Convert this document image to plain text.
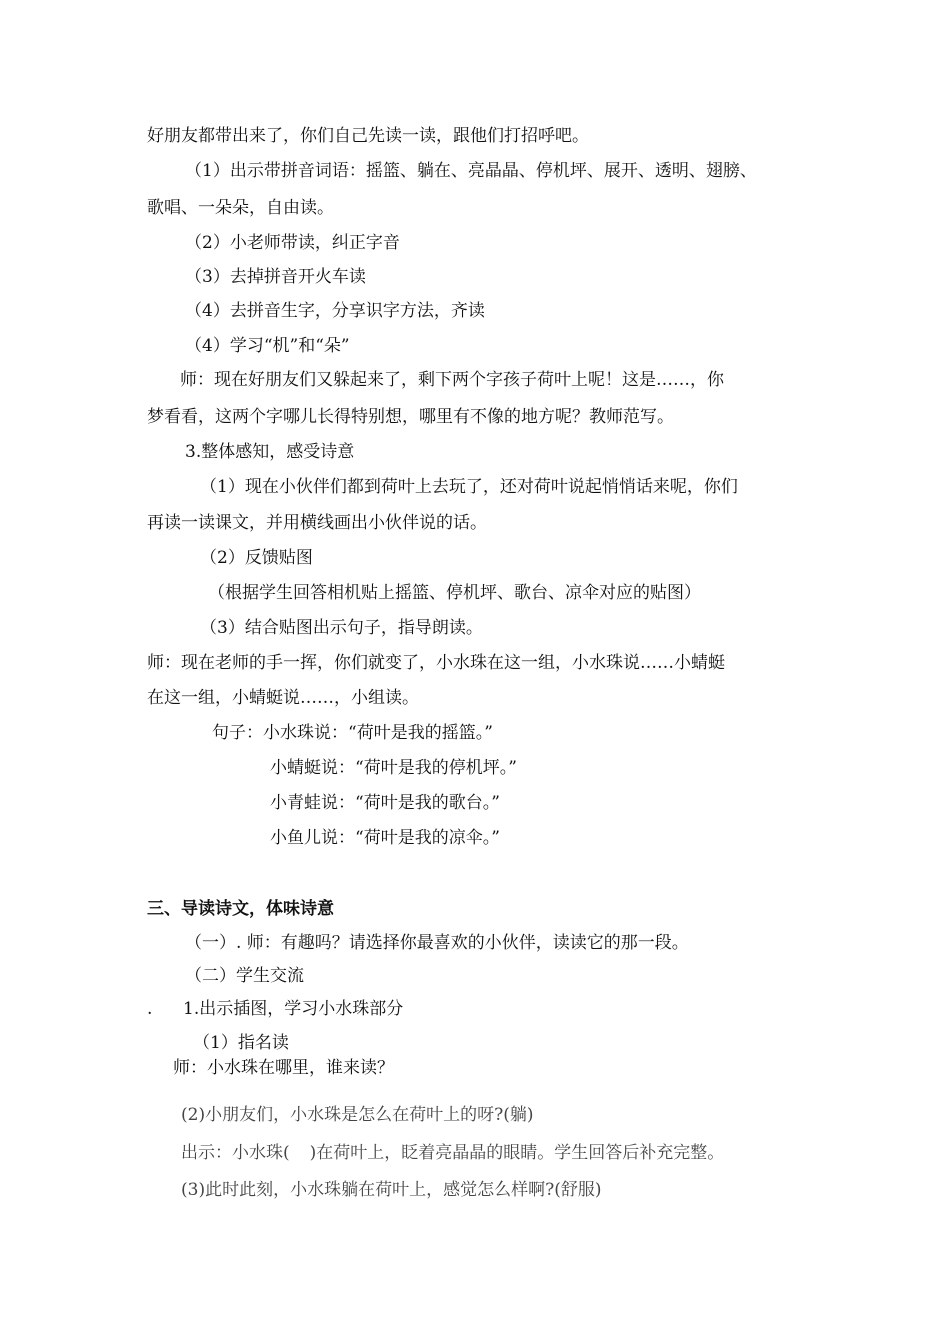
好朋友都带出来了，你们自己先读一读，跟他们打招呼吧。
（1）出示带拼音词语：摇篮、躺在、亮晶晶、停机坪、展开、透明、翅膀、
歌唱、一朵朵，自由读。
（2）小老师带读，纠正字音
（3）去掉拼音开火车读
（4）去拼音生字，分享识字方法，齐读
（4）学习“机”和“朵”
师：现在好朋友们又躲起来了，剩下两个字孩子荷叶上呢！这是……，你
梦看看，这两个字哪儿长得特别想，哪里有不像的地方呢？教师范写。
3.整体感知，感受诗意
（1）现在小伙伴们都到荷叶上去玩了，还对荷叶说起悄悄话来呢，你们
再读一读课文，并用横线画出小伙伴说的话。
（2）反馈贴图
（根据学生回答相机贴上摇篮、停机坪、歌台、凉伞对应的贴图）
（3）结合贴图出示句子，指导朗读。
师：现在老师的手一挥，你们就变了，小水珠在这一组，小水珠说……小蜻蜓
在这一组，小蜻蜓说……，小组读。
句子：小水珠说：“荷叶是我的摇篮。”
小蜻蜓说：“荷叶是我的停机坪。”
小青蛙说：“荷叶是我的歌台。”
小鱼儿说：“荷叶是我的凉伞。”
三、导读诗文，体味诗意
（一）. 师：有趣吗？请选择你最喜欢的小伙伴，读读它的那一段。
（二）学生交流
. 1.出示插图，学习小水珠部分
（1）指名读
师：小水珠在哪里，谁来读？
(2)小朋友们，小水珠是怎么在荷叶上的呀?(躺)
出示：小水珠( )在荷叶上，眨着亮晶晶的眼睛。学生回答后补充完整。
(3)此时此刻，小水珠躺在荷叶上，感觉怎么样啊?(舒服)
